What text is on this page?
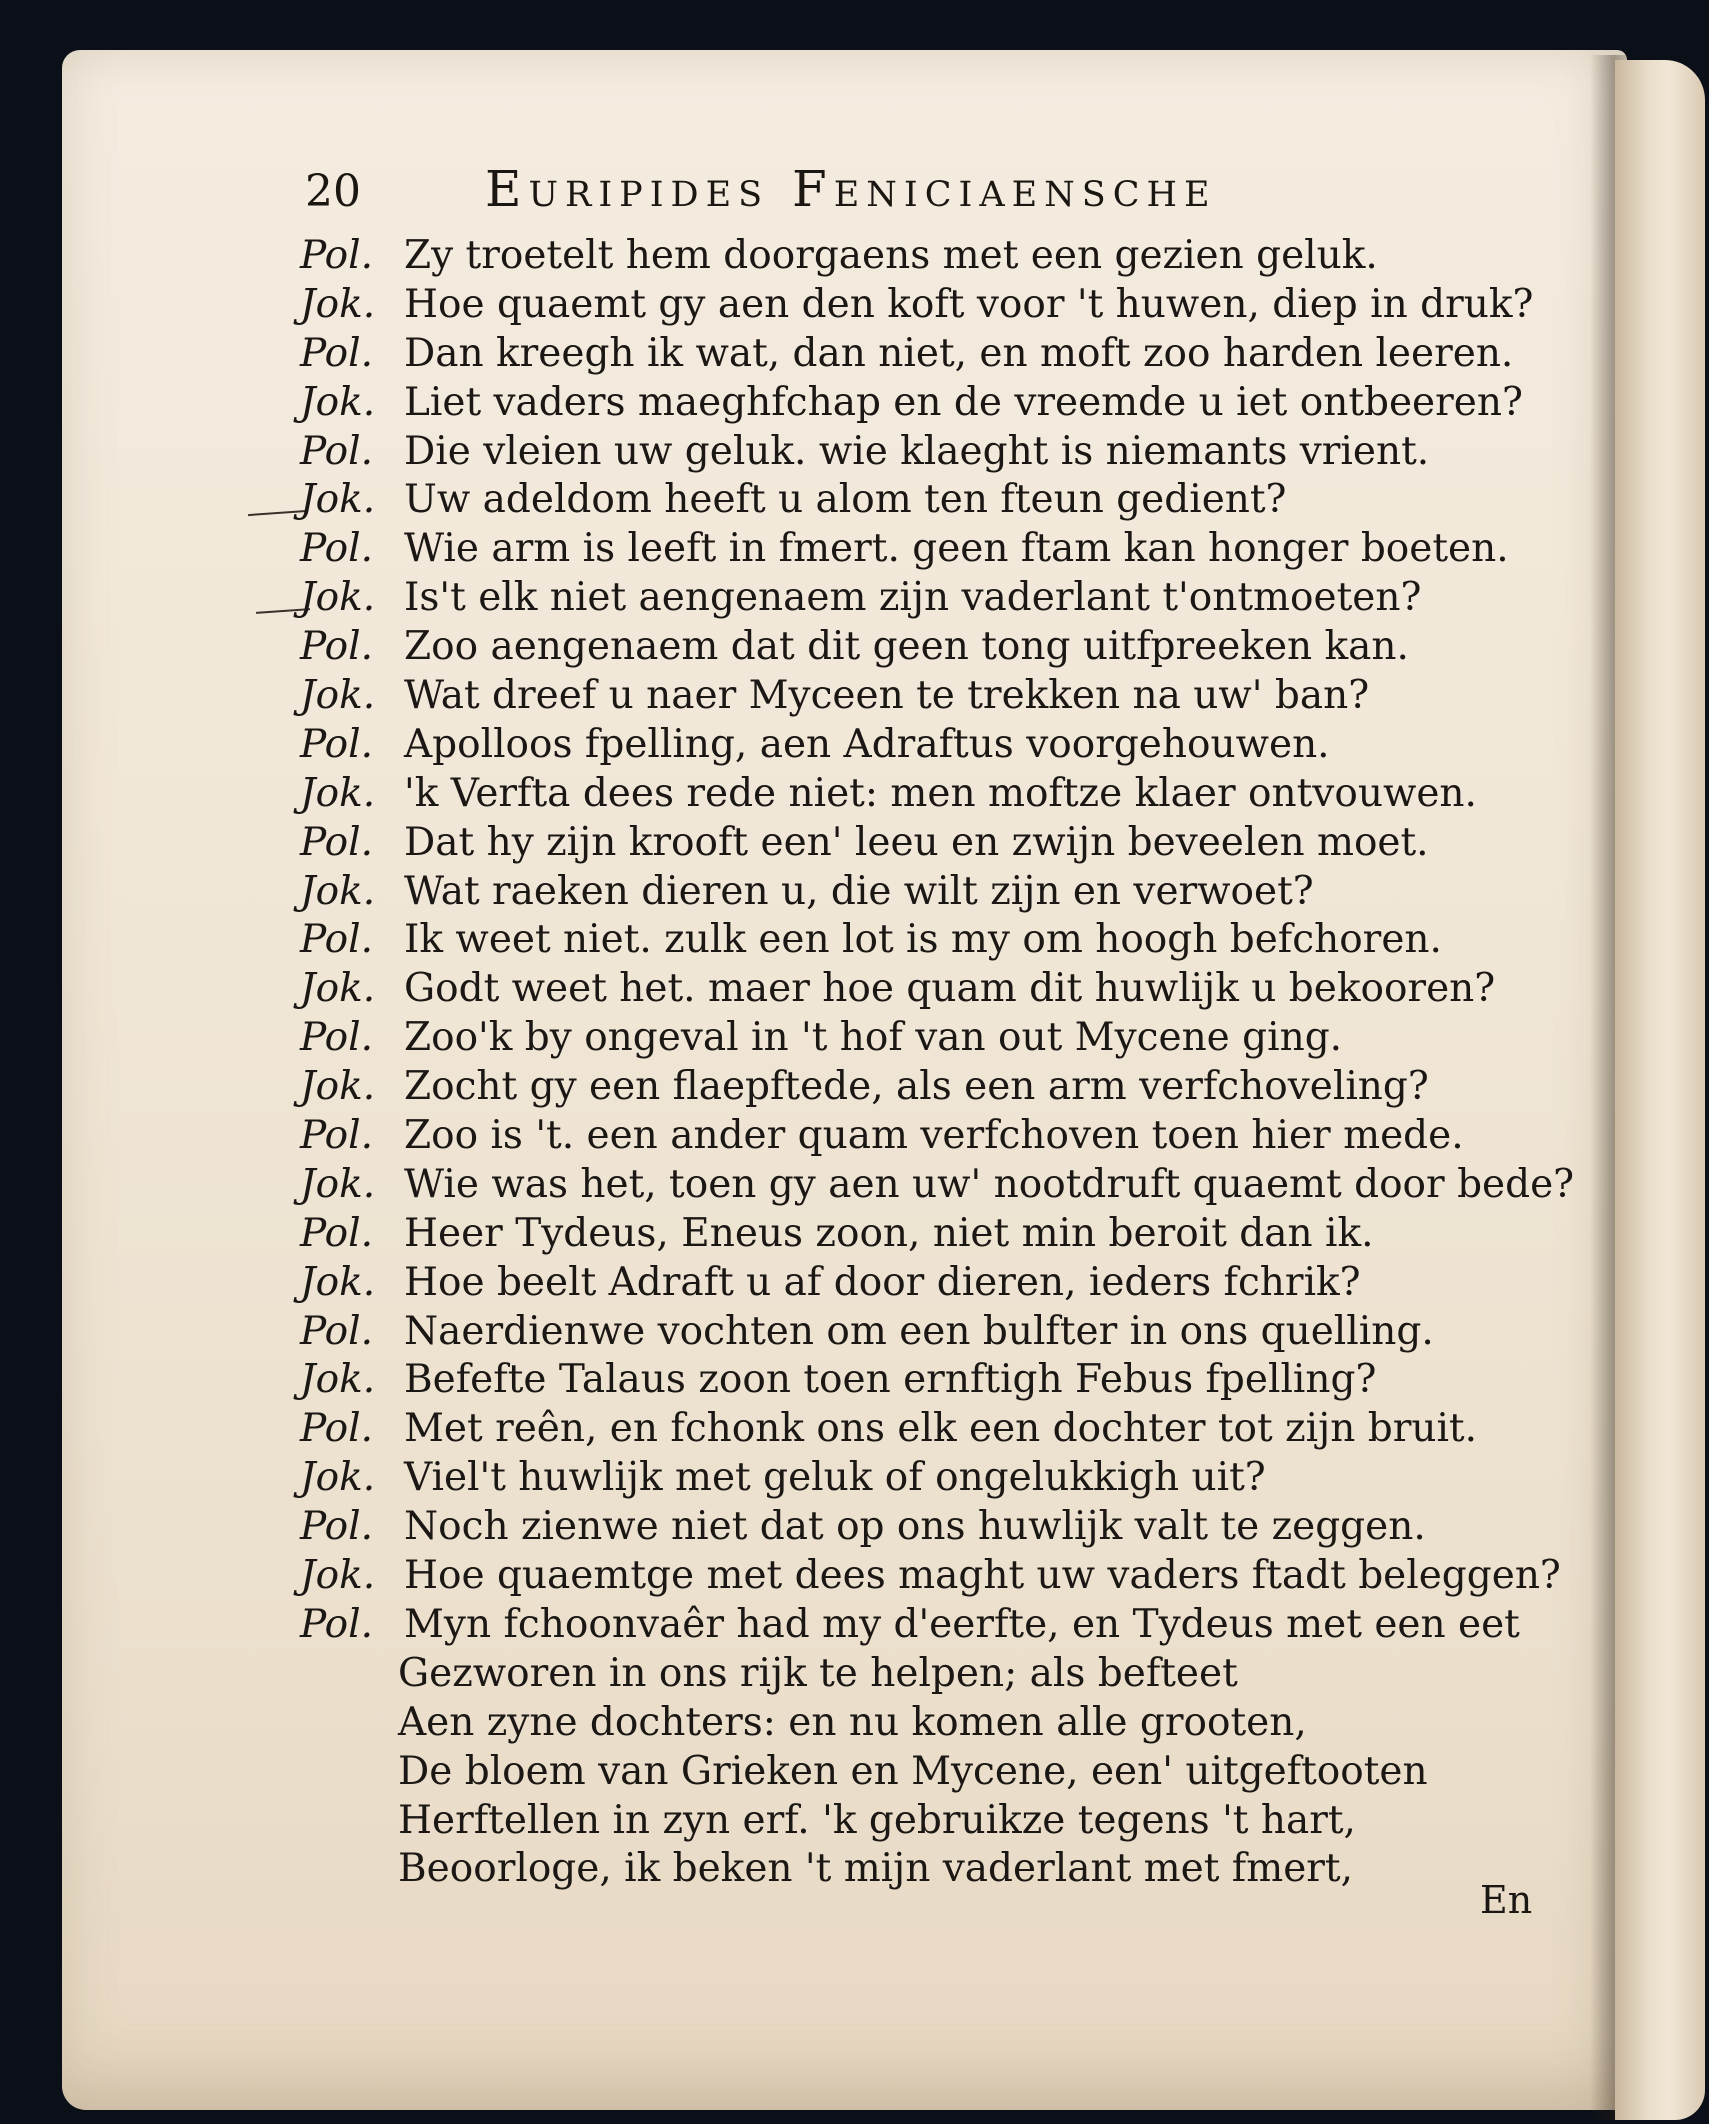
20 Euripides Feniciaensche
Pol. Zy troetelt hem doorgaens met een gezien geluk.
Jok. Hoe quaemt gy aen den koft voor 't huwen, diep in druk?
Pol. Dan kreegh ik wat, dan niet, en moft zoo harden leeren.
Jok. Liet vaders maeghfchap en de vreemde u iet ontbeeren?
Pol. Die vleien uw geluk. wie klaeght is niemants vrient.
Jok. Uw adeldom heeft u alom ten fteun gedient?
Pol. Wie arm is leeft in fmert. geen ftam kan honger boeten.
Jok. Is't elk niet aengenaem zijn vaderlant t'ontmoeten?
Pol. Zoo aengenaem dat dit geen tong uitfpreeken kan.
Jok. Wat dreef u naer Myceen te trekken na uw' ban?
Pol. Apolloos fpelling, aen Adraftus voorgehouwen.
Jok. 'k Verfta dees rede niet: men moftze klaer ontvouwen.
Pol. Dat hy zijn krooft een' leeu en zwijn beveelen moet.
Jok. Wat raeken dieren u, die wilt zijn en verwoet?
Pol. Ik weet niet. zulk een lot is my om hoogh befchoren.
Jok. Godt weet het. maer hoe quam dit huwlijk u bekooren?
Pol. Zoo'k by ongeval in 't hof van out Mycene ging.
Jok. Zocht gy een flaepftede, als een arm verfchoveling?
Pol. Zoo is 't. een ander quam verfchoven toen hier mede.
Jok. Wie was het, toen gy aen uw' nootdruft quaemt door bede?
Pol. Heer Tydeus, Eneus zoon, niet min beroit dan ik.
Jok. Hoe beelt Adraft u af door dieren, ieders fchrik?
Pol. Naerdienwe vochten om een bulfter in ons quelling.
Jok. Befefte Talaus zoon toen ernftigh Febus fpelling?
Pol. Met reên, en fchonk ons elk een dochter tot zijn bruit.
Jok. Viel't huwlijk met geluk of ongelukkigh uit?
Pol. Noch zienwe niet dat op ons huwlijk valt te zeggen.
Jok. Hoe quaemtge met dees maght uw vaders ftadt beleggen?
Pol. Myn fchoonvaêr had my d'eerfte, en Tydeus met een eet
Gezworen in ons rijk te helpen; als befteet
Aen zyne dochters: en nu komen alle grooten,
De bloem van Grieken en Mycene, een' uitgeftooten
Herftellen in zyn erf. 'k gebruikze tegens 't hart,
Beoorloge, ik beken 't mijn vaderlant met fmert,
En
